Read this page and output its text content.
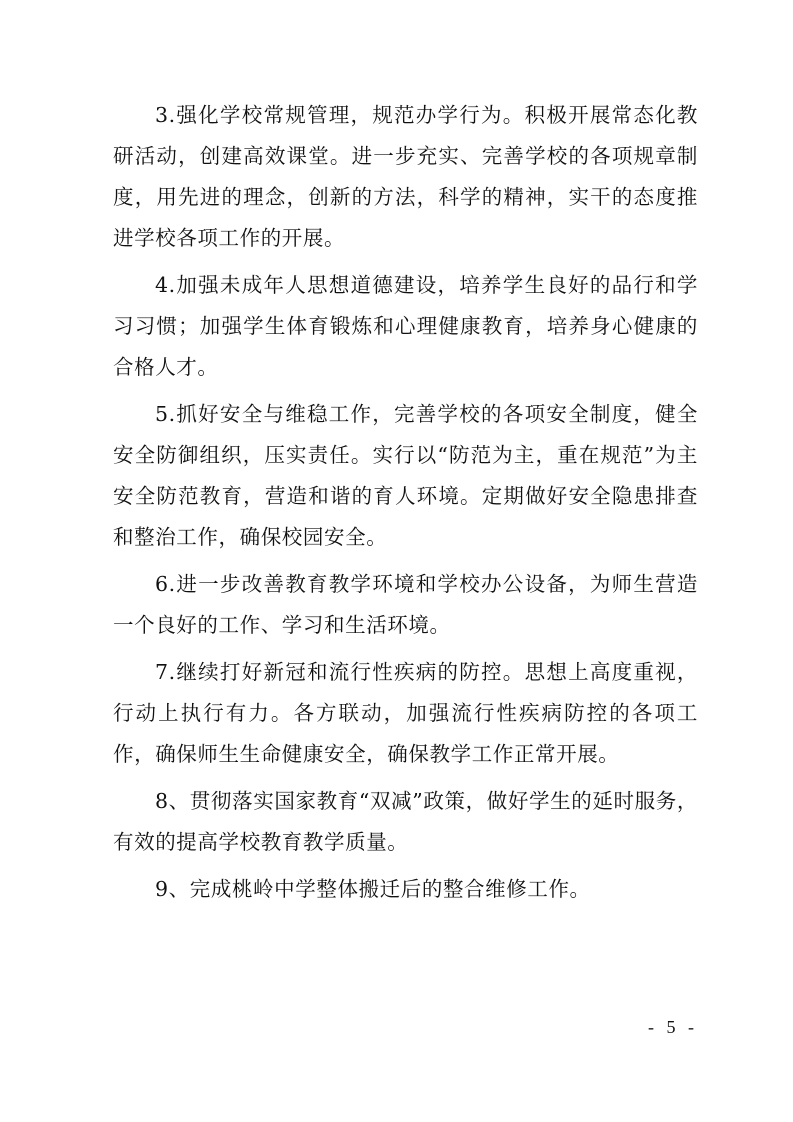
3.强化学校常规管理，规范办学行为。积极开展常态化教研活动，创建高效课堂。进一步充实、完善学校的各项规章制度，用先进的理念，创新的方法，科学的精神，实干的态度推进学校各项工作的开展。

4.加强未成年人思想道德建设，培养学生良好的品行和学习习惯；加强学生体育锻炼和心理健康教育，培养身心健康的合格人才。

5.抓好安全与维稳工作，完善学校的各项安全制度，健全安全防御组织，压实责任。实行以“防范为主，重在规范”为主安全防范教育，营造和谐的育人环境。定期做好安全隐患排查和整治工作，确保校园安全。

6.进一步改善教育教学环境和学校办公设备，为师生营造一个良好的工作、学习和生活环境。

7.继续打好新冠和流行性疾病的防控。思想上高度重视，行动上执行有力。各方联动，加强流行性疾病防控的各项工作，确保师生生命健康安全，确保教学工作正常开展。

8、贯彻落实国家教育“双减”政策，做好学生的延时服务，有效的提高学校教育教学质量。

9、完成桃岭中学整体搬迁后的整合维修工作。

- 5 -
